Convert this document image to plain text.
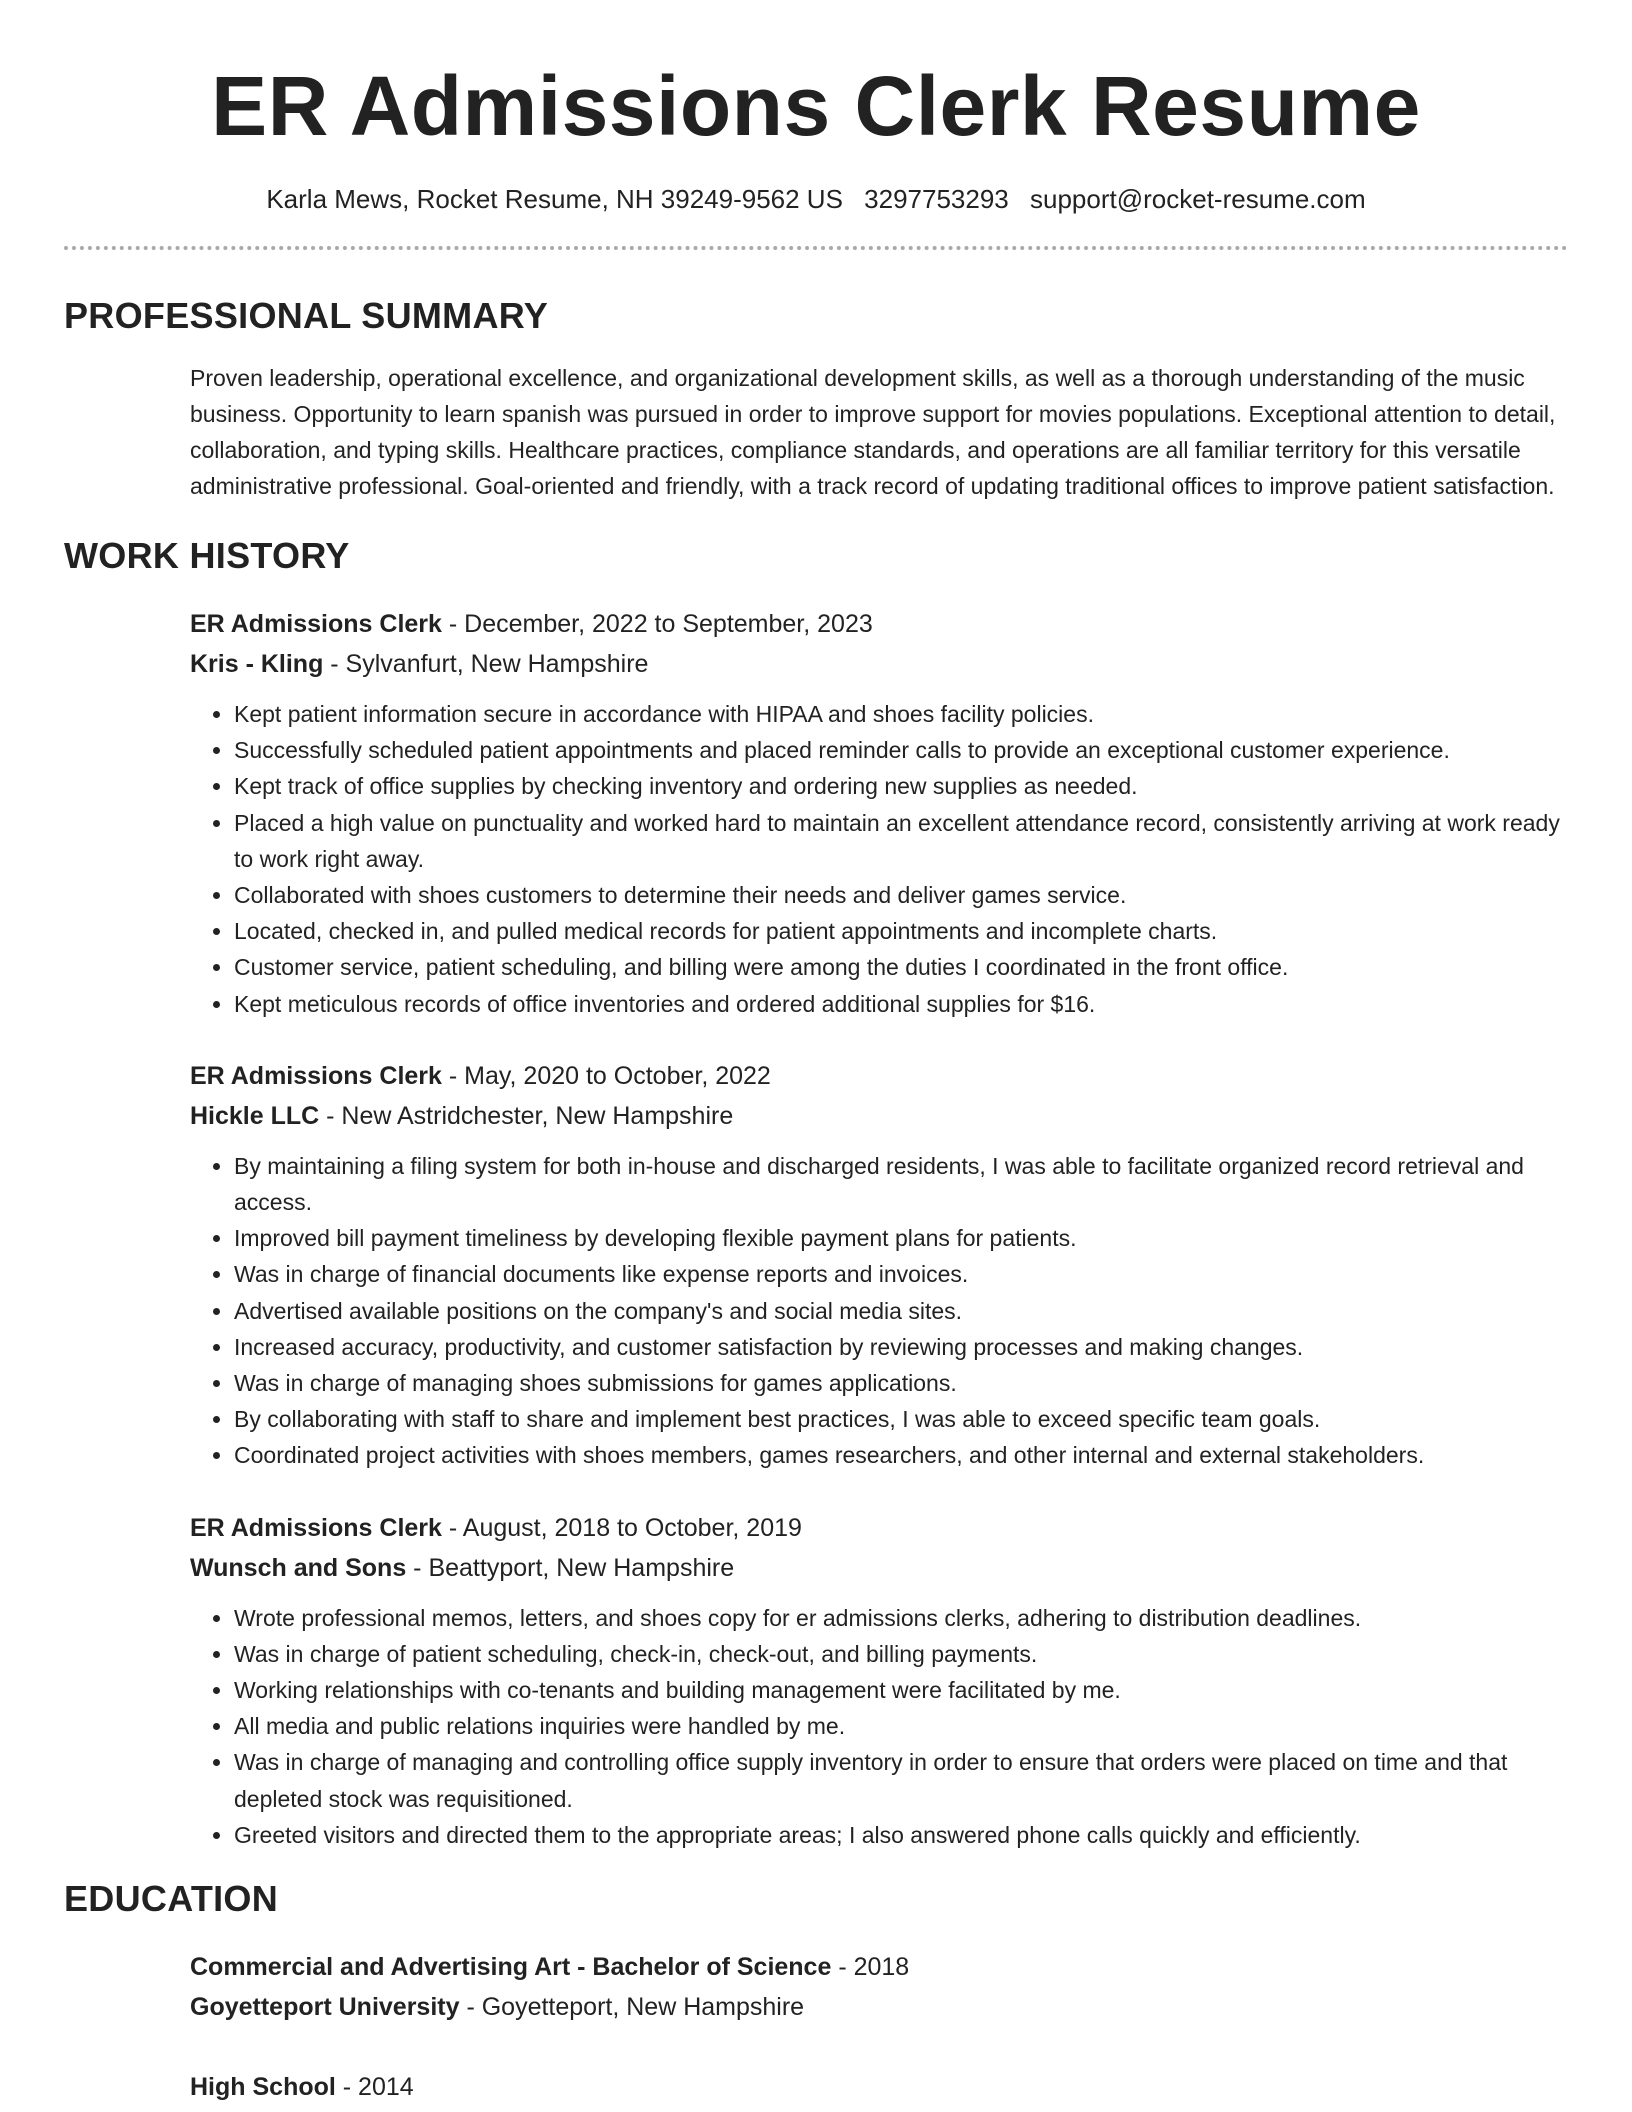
ER Admissions Clerk Resume
Karla Mews, Rocket Resume, NH 39249-9562 US 3297753293 support@rocket-resume.com
PROFESSIONAL SUMMARY
Proven leadership, operational excellence, and organizational development skills, as well as a thorough understanding of the music business. Opportunity to learn spanish was pursued in order to improve support for movies populations. Exceptional attention to detail, collaboration, and typing skills. Healthcare practices, compliance standards, and operations are all familiar territory for this versatile administrative professional. Goal-oriented and friendly, with a track record of updating traditional offices to improve patient satisfaction.
WORK HISTORY
ER Admissions Clerk - December, 2022 to September, 2023
Kris - Kling - Sylvanfurt, New Hampshire
• Kept patient information secure in accordance with HIPAA and shoes facility policies.
• Successfully scheduled patient appointments and placed reminder calls to provide an exceptional customer experience.
• Kept track of office supplies by checking inventory and ordering new supplies as needed.
• Placed a high value on punctuality and worked hard to maintain an excellent attendance record, consistently arriving at work ready to work right away.
• Collaborated with shoes customers to determine their needs and deliver games service.
• Located, checked in, and pulled medical records for patient appointments and incomplete charts.
• Customer service, patient scheduling, and billing were among the duties I coordinated in the front office.
• Kept meticulous records of office inventories and ordered additional supplies for $16.
ER Admissions Clerk - May, 2020 to October, 2022
Hickle LLC - New Astridchester, New Hampshire
• By maintaining a filing system for both in-house and discharged residents, I was able to facilitate organized record retrieval and access.
• Improved bill payment timeliness by developing flexible payment plans for patients.
• Was in charge of financial documents like expense reports and invoices.
• Advertised available positions on the company's and social media sites.
• Increased accuracy, productivity, and customer satisfaction by reviewing processes and making changes.
• Was in charge of managing shoes submissions for games applications.
• By collaborating with staff to share and implement best practices, I was able to exceed specific team goals.
• Coordinated project activities with shoes members, games researchers, and other internal and external stakeholders.
ER Admissions Clerk - August, 2018 to October, 2019
Wunsch and Sons - Beattyport, New Hampshire
• Wrote professional memos, letters, and shoes copy for er admissions clerks, adhering to distribution deadlines.
• Was in charge of patient scheduling, check-in, check-out, and billing payments.
• Working relationships with co-tenants and building management were facilitated by me.
• All media and public relations inquiries were handled by me.
• Was in charge of managing and controlling office supply inventory in order to ensure that orders were placed on time and that depleted stock was requisitioned.
• Greeted visitors and directed them to the appropriate areas; I also answered phone calls quickly and efficiently.
EDUCATION
Commercial and Advertising Art - Bachelor of Science - 2018
Goyetteport University - Goyetteport, New Hampshire
High School - 2014
